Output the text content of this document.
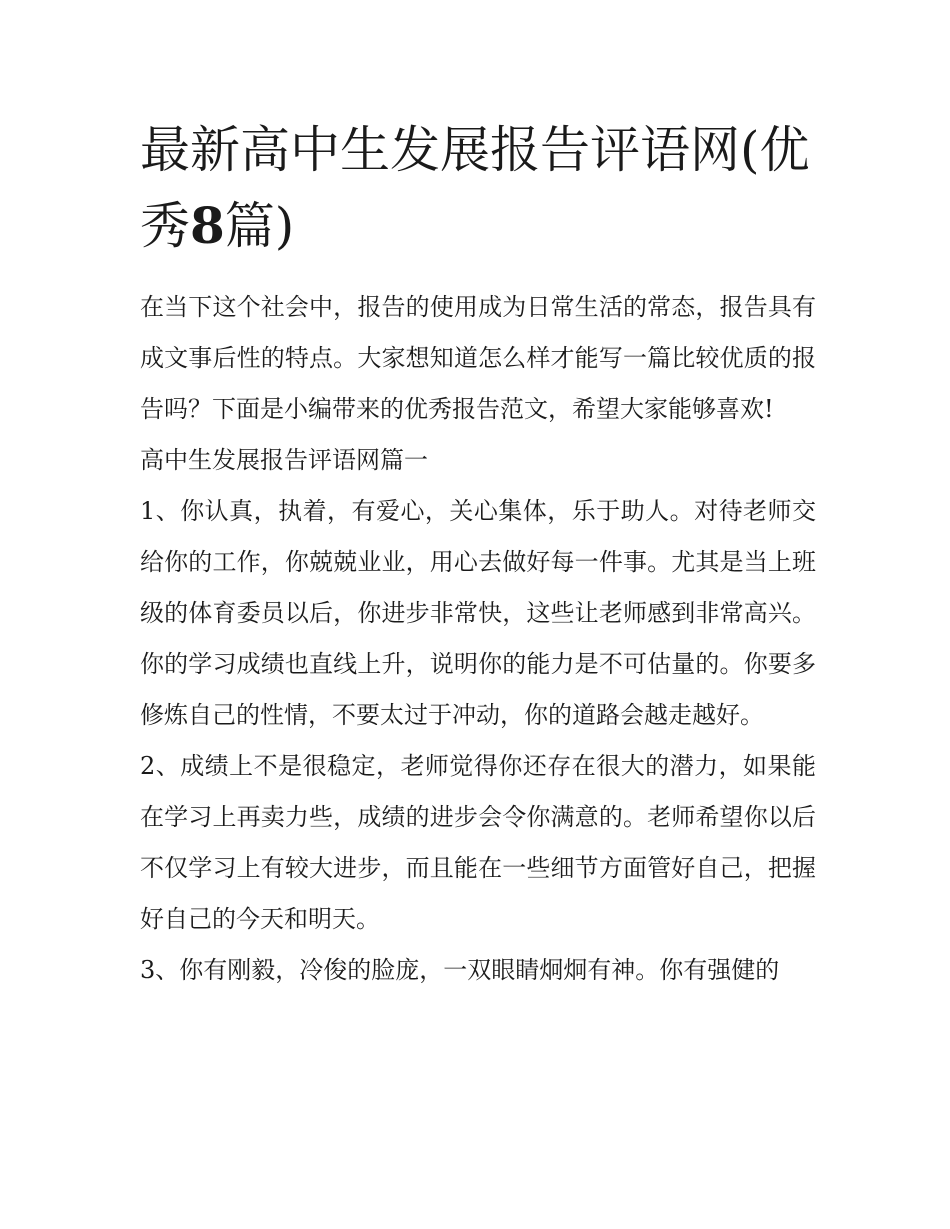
最新高中生发展报告评语网(优秀8篇)

在当下这个社会中，报告的使用成为日常生活的常态，报告具有成文事后性的特点。大家想知道怎么样才能写一篇比较优质的报告吗？下面是小编带来的优秀报告范文，希望大家能够喜欢!

高中生发展报告评语网篇一

1、你认真，执着，有爱心，关心集体，乐于助人。对待老师交给你的工作，你兢兢业业，用心去做好每一件事。尤其是当上班级的体育委员以后，你进步非常快，这些让老师感到非常高兴。你的学习成绩也直线上升，说明你的能力是不可估量的。你要多修炼自己的性情，不要太过于冲动，你的道路会越走越好。

2、成绩上不是很稳定，老师觉得你还存在很大的潜力，如果能在学习上再卖力些，成绩的进步会令你满意的。老师希望你以后不仅学习上有较大进步，而且能在一些细节方面管好自己，把握好自己的今天和明天。

3、你有刚毅，冷俊的脸庞，一双眼睛炯炯有神。你有强健的
